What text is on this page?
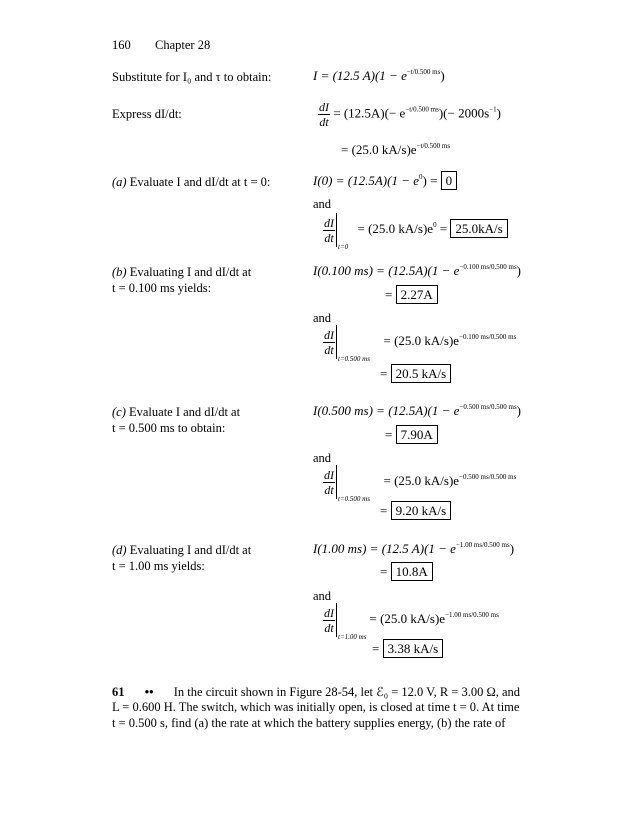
160 Chapter 28
Substitute for I₀ and τ to obtain:	I = (12.5 $A)(1 - e^{-t/0.500 ms})$
Express dI/dt:	$\frac{dI}{dt} = (12.5A)(- e^{-t/0.500 ms})(- 2000s^{-1})$
= (25.0 $kA/s)e^{-t/0.500 ms}$
(a) Evaluate I and dI/dt at t = 0:	$I(0) = (12.5A)(1 - e^0) = 0$
and
$\frac{dI}{dt}$
t=0
= (25.0 $kA/s)e^0 = 25.0kA/s$
(b) Evaluating I and dI/dt at
t = 0.100 ms yields:
I(0.100 $ms) = (12.5A)(1 - e^{-0.100 ms/0.500 ms})$
= 2.27A
and
$\frac{dI}{dt}$
t=0.500 ms
= (25.0 $kA/s)e^{-0.100 ms/0.500 ms}$
= 20.5 kA/s
(c) Evaluate I and dI/dt at
t = 0.500 ms to obtain:
I(0.500 $ms) = (12.5A)(1 - e^{-0.500 ms/0.500 ms})$
= 7.90A
and
$\frac{dI}{dt}$
t=0.500 ms
= (25.0 $kA/s)e^{-0.500 ms/0.500 ms}$
= 9.20 kA/s
(d) Evaluating I and dI/dt at
t = 1.00 ms yields:
I(1.00 ms) = (12.5 $A)(1 - e^{-1.00 ms/0.500 ms})$
= 10.8A
and
$\frac{dI}{dt}$
t=1.00 ms
= (25.0 $kA/s)e^{-1.00 ms/0.500 ms}$
= 3.38 kA/s
61 •• In the circuit shown in Figure 28-54, let ℰ₀ = 12.0 V, R = 3.00 Ω, and
L = 0.600 H. The switch, which was initially open, is closed at time t = 0. At time
t = 0.500 s, find (a) the rate at which the battery supplies energy, (b) the rate of
